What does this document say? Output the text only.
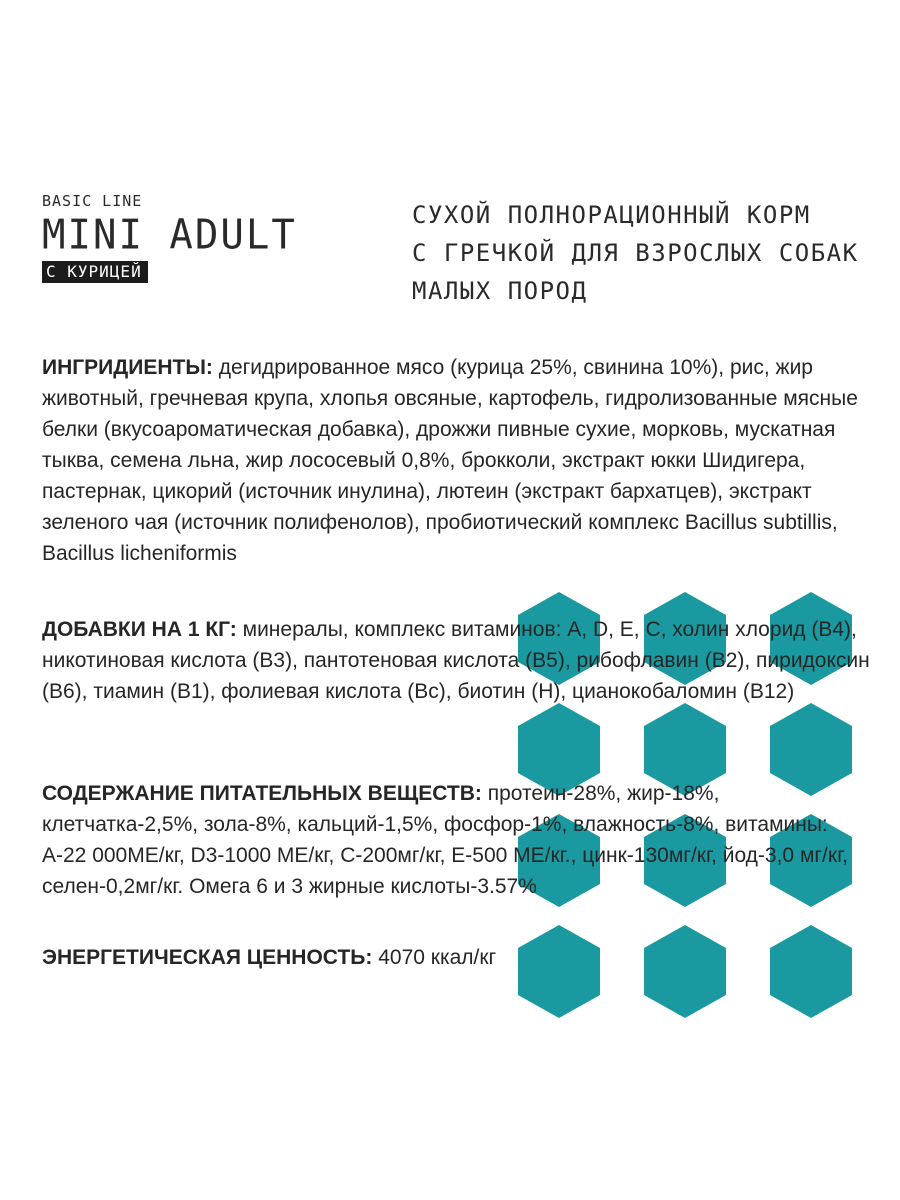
BASIC LINE
MINI ADULT
С КУРИЦЕЙ
СУХОЙ ПОЛНОРАЦИОННЫЙ КОРМ
С ГРЕЧКОЙ ДЛЯ ВЗРОСЛЫХ СОБАК
МАЛЫХ ПОРОД

ИНГРИДИЕНТЫ: дегидрированное мясо (курица 25%, свинина 10%), рис, жир животный, гречневая крупа, хлопья овсяные, картофель, гидролизованные мясные белки (вкусоароматическая добавка), дрожжи пивные сухие, морковь, мускатная тыква, семена льна, жир лососевый 0,8%, брокколи, экстракт юкки Шидигера, пастернак, цикорий (источник инулина), лютеин (экстракт бархатцев), экстракт зеленого чая (источник полифенолов), пробиотический комплекс Bacillus subtillis, Bacillus licheniformis

ДОБАВКИ НА 1 КГ: минералы, комплекс витаминов: А, D, Е, С, холин хлорид (В4), никотиновая кислота (В3), пантотеновая кислота (В5), рибофлавин (В2), пиридоксин (В6), тиамин (В1), фолиевая кислота (Вс), биотин (Н), цианокобаломин (В12)

СОДЕРЖАНИЕ ПИТАТЕЛЬНЫХ ВЕЩЕСТВ: протеин-28%, жир-18%, клетчатка-2,5%, зола-8%, кальций-1,5%, фосфор-1%, влажность-8%, витамины: А-22 000МЕ/кг, D3-1000 МЕ/кг, С-200мг/кг, Е-500 МЕ/кг., цинк-130мг/кг, йод-3,0 мг/кг, селен-0,2мг/кг. Омега 6 и 3 жирные кислоты-3.57%

ЭНЕРГЕТИЧЕСКАЯ ЦЕННОСТЬ: 4070 ккал/кг
